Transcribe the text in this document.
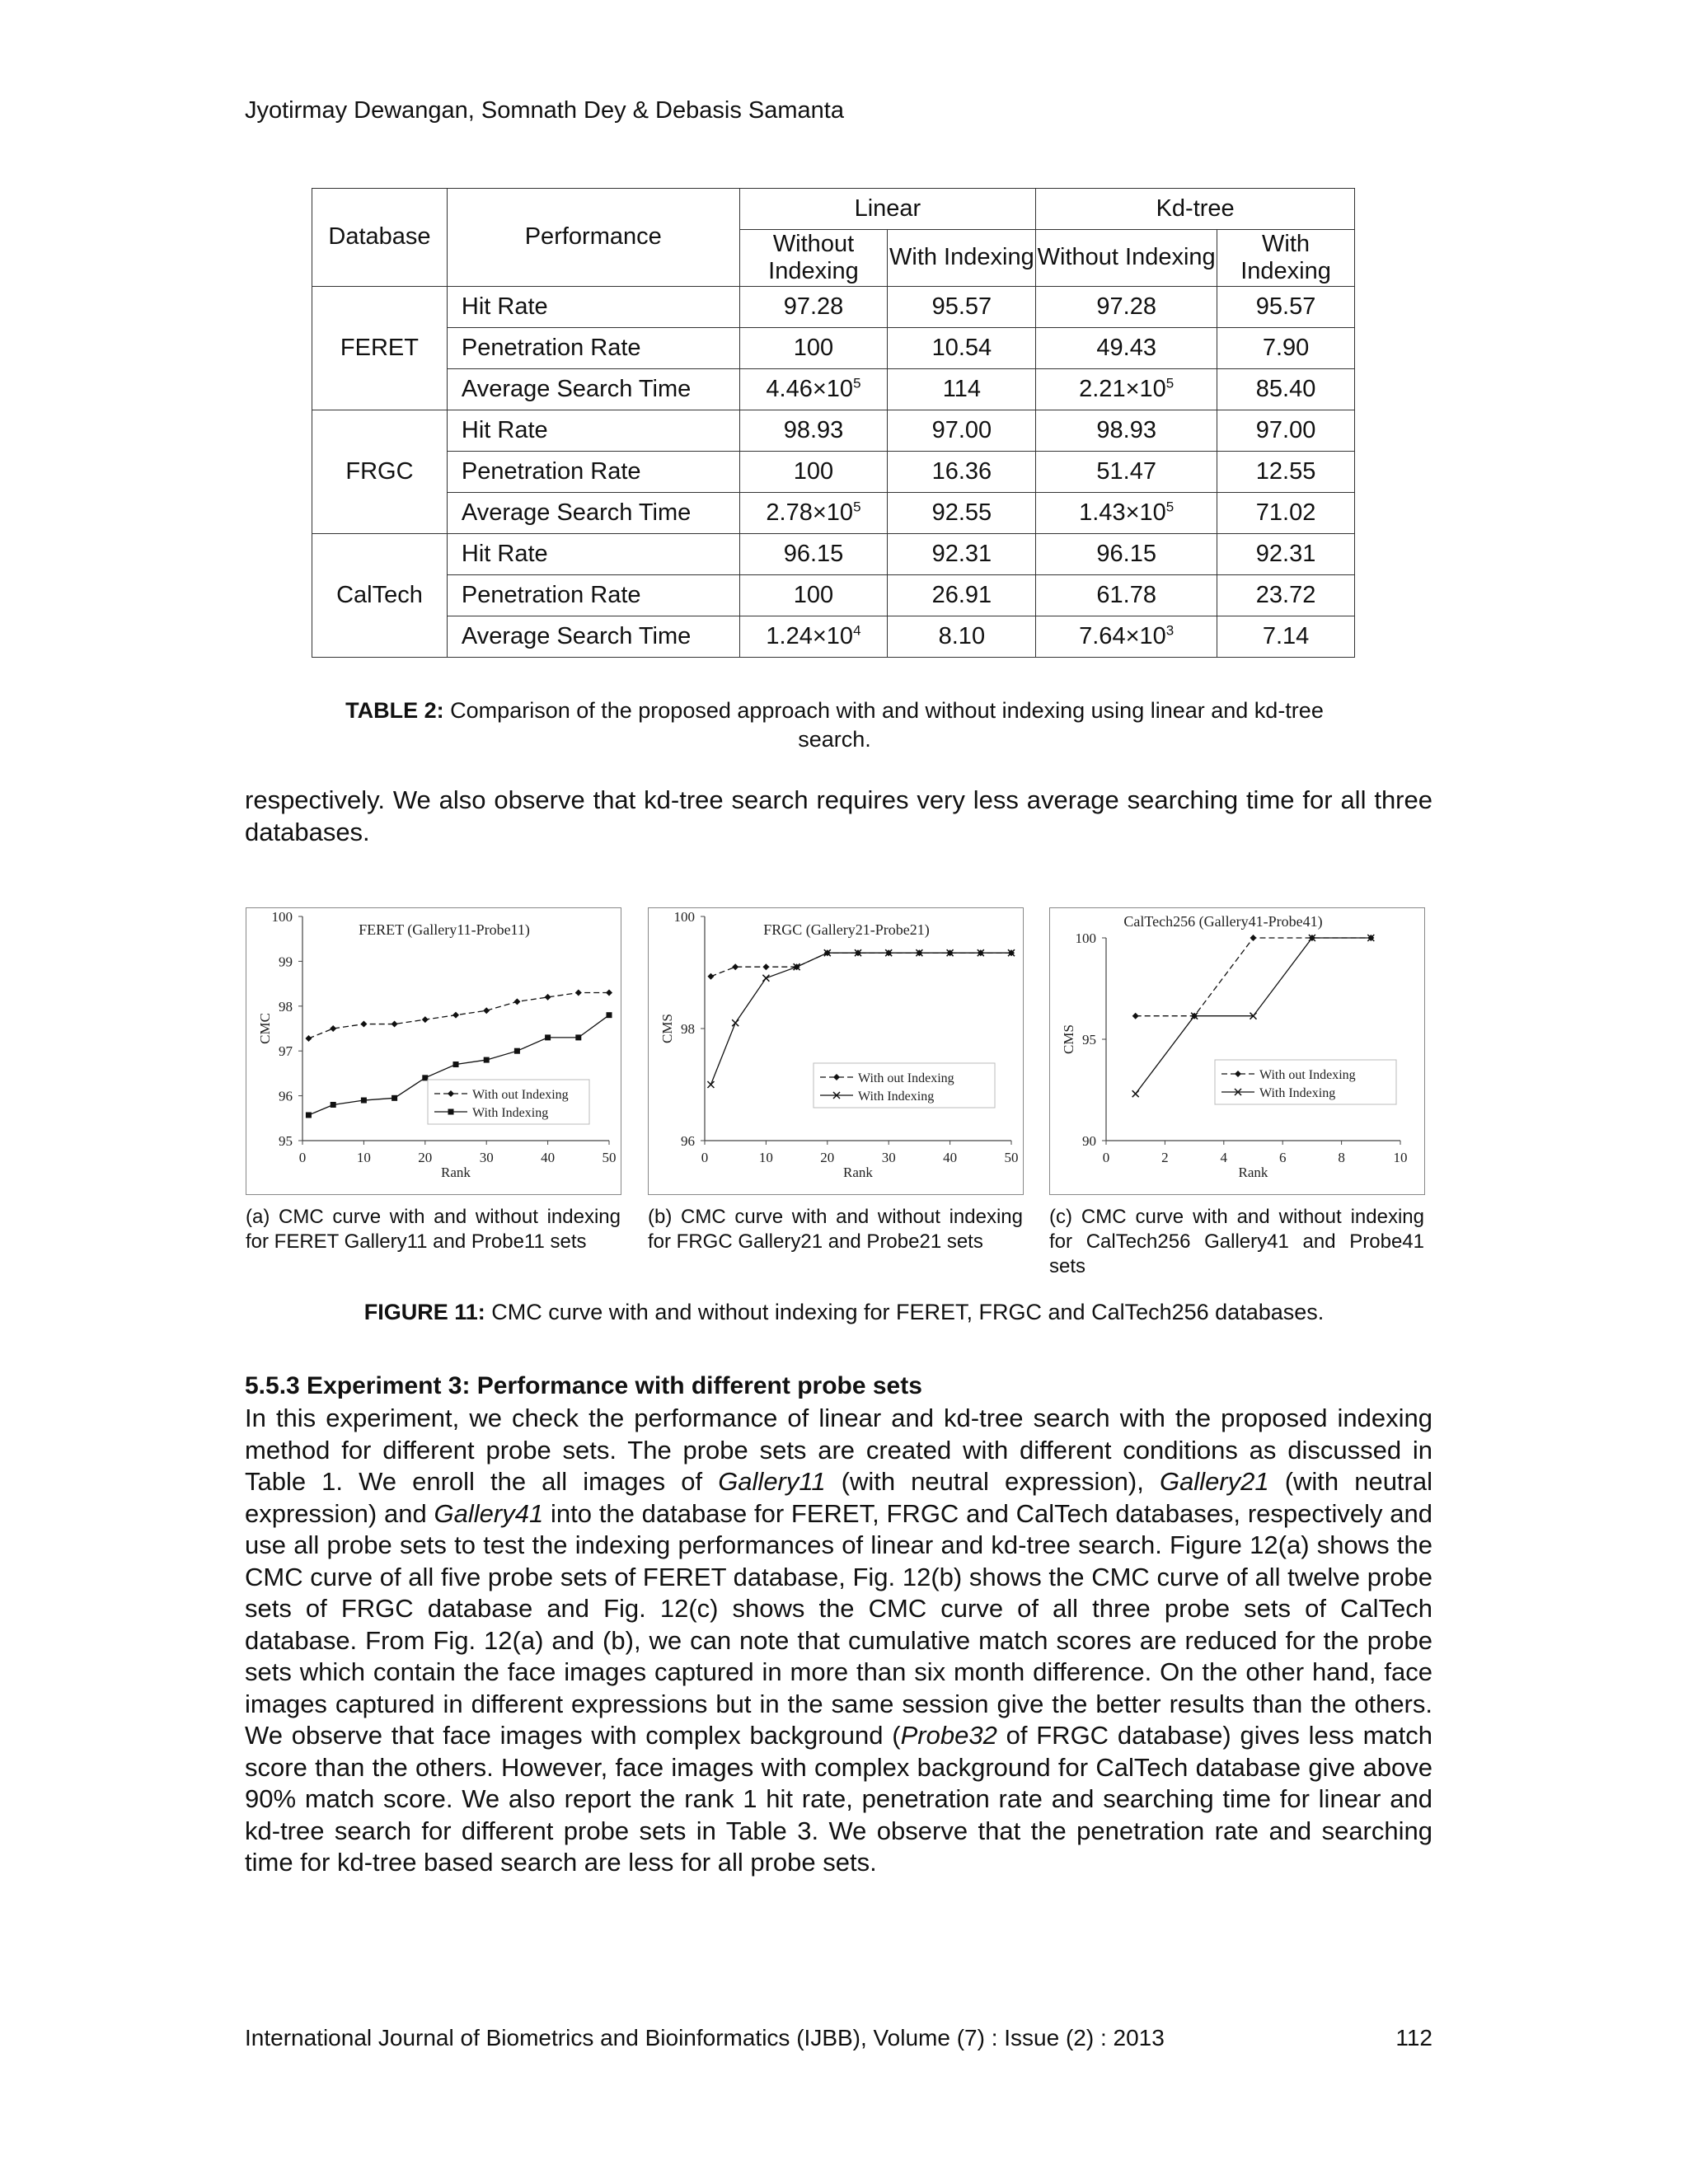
Jyotirmay Dewangan, Somnath Dey & Debasis Samanta
Database	Performance	Linear		Kd-tree	
		Without Indexing	With Indexing	Without Indexing	With Indexing
FERET	Hit Rate	97.28	95.57	97.28	95.57
	Penetration Rate	100	10.54	49.43	7.90
	Average Search Time	$4.46\times 10^5$	114	$2.21\times 10^5$	85.40
FRGC	Hit Rate	98.93	97.00	98.93	97.00
	Penetration Rate	100	16.36	51.47	12.55
	Average Search Time	$2.78\times 10^5$	92.55	$1.43\times 10^5$	71.02
CalTech	Hit Rate	96.15	92.31	96.15	92.31
	Penetration Rate	100	26.91	61.78	23.72
	Average Search Time	$1.24\times 10^4$	8.10	$7.64\times 10^3$	7.14
TABLE 2: Comparison of the proposed approach with and without indexing using linear and kd-tree search.
respectively. We also observe that kd-tree search requires very less average searching time for all three databases.
95
96
97
98
99
100
0	10	20	30	40	50
Rank
CMC
FERET (Gallery11-Probe11)
With out Indexing
With Indexing
96
98
100
0	10	20	30	40	50
Rank
CMS
FRGC (Gallery21-Probe21)
With out Indexing
With Indexing
90
95
100
0	2	4	6	8	10
Rank
CMS
CalTech256 (Gallery41-Probe41)
With out Indexing
With Indexing
(a) CMC curve with and without indexing for FERET Gallery11 and Probe11 sets
(b) CMC curve with and without indexing for FRGC Gallery21 and Probe21 sets
(c) CMC curve with and without indexing for CalTech256 Gallery41 and Probe41 sets
FIGURE 11: CMC curve with and without indexing for FERET, FRGC and CalTech256 databases.
5.5.3 Experiment 3: Performance with different probe sets
In this experiment, we check the performance of linear and kd-tree search with the proposed indexing method for different probe sets. The probe sets are created with different conditions as discussed in Table 1. We enroll the all images of Gallery11 (with neutral expression), Gallery21 (with neutral expression) and Gallery41 into the database for FERET, FRGC and CalTech databases, respectively and use all probe sets to test the indexing performances of linear and kd-tree search. Figure 12(a) shows the CMC curve of all five probe sets of FERET database, Fig. 12(b) shows the CMC curve of all twelve probe sets of FRGC database and Fig. 12(c) shows the CMC curve of all three probe sets of CalTech database. From Fig. 12(a) and (b), we can note that cumulative match scores are reduced for the probe sets which contain the face images captured in more than six month difference. On the other hand, face images captured in different expressions but in the same session give the better results than the others. We observe that face images with complex background (Probe32 of FRGC database) gives less match score than the others. However, face images with complex background for CalTech database give above 90% match score. We also report the rank 1 hit rate, penetration rate and searching time for linear and kd-tree search for different probe sets in Table 3. We observe that the penetration rate and searching time for kd-tree based search are less for all probe sets.
International Journal of Biometrics and Bioinformatics (IJBB), Volume (7) : Issue (2) : 2013	112
